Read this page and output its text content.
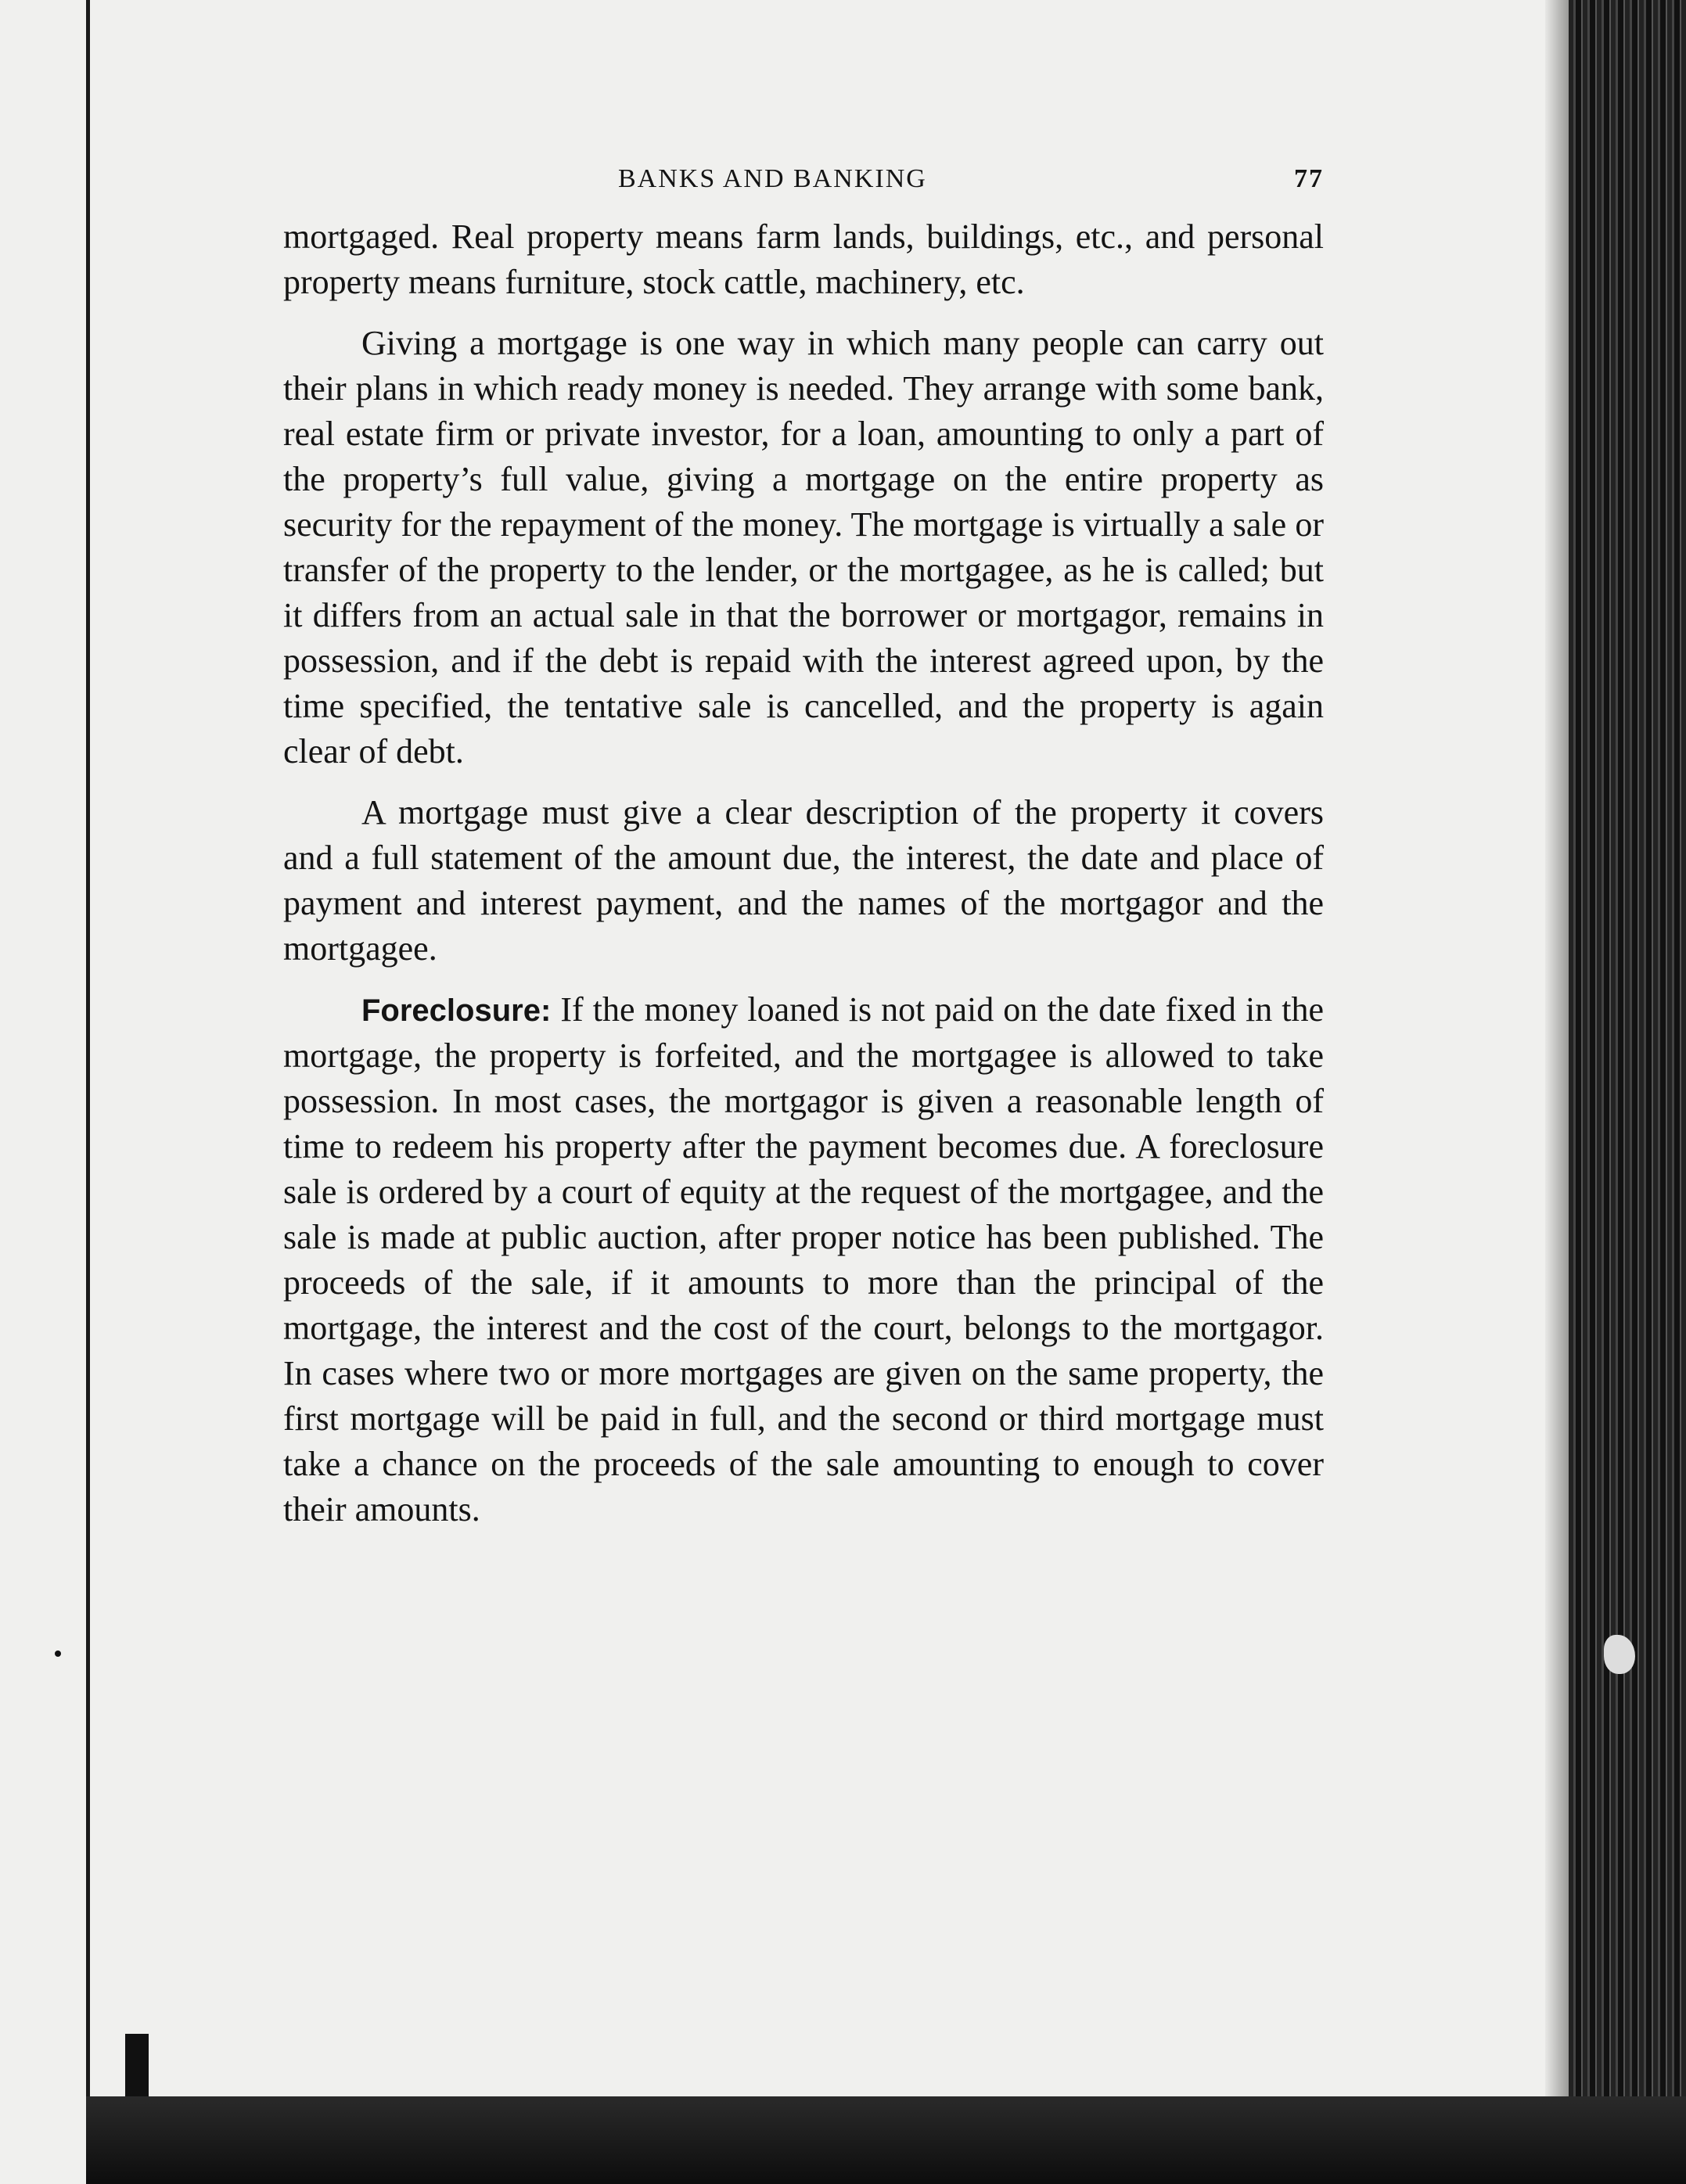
BANKS AND BANKING	77

mortgaged. Real property means farm lands, buildings, etc., and personal property means furniture, stock cattle, machinery, etc.

Giving a mortgage is one way in which many people can carry out their plans in which ready money is needed. They arrange with some bank, real estate firm or private investor, for a loan, amounting to only a part of the property’s full value, giving a mortgage on the entire property as security for the repayment of the money. The mortgage is virtually a sale or transfer of the property to the lender, or the mortgagee, as he is called; but it differs from an actual sale in that the borrower or mortgagor, remains in possession, and if the debt is repaid with the interest agreed upon, by the time specified, the tentative sale is cancelled, and the property is again clear of debt.

A mortgage must give a clear description of the property it covers and a full statement of the amount due, the interest, the date and place of payment and interest payment, and the names of the mortgagor and the mortgagee.

Foreclosure: If the money loaned is not paid on the date fixed in the mortgage, the property is forfeited, and the mortgagee is allowed to take possession. In most cases, the mortgagor is given a reasonable length of time to redeem his property after the payment becomes due. A foreclosure sale is ordered by a court of equity at the request of the mortgagee, and the sale is made at public auction, after proper notice has been published. The proceeds of the sale, if it amounts to more than the principal of the mortgage, the interest and the cost of the court, belongs to the mortgagor. In cases where two or more mortgages are given on the same property, the first mortgage will be paid in full, and the second or third mortgage must take a chance on the proceeds of the sale amounting to enough to cover their amounts.
